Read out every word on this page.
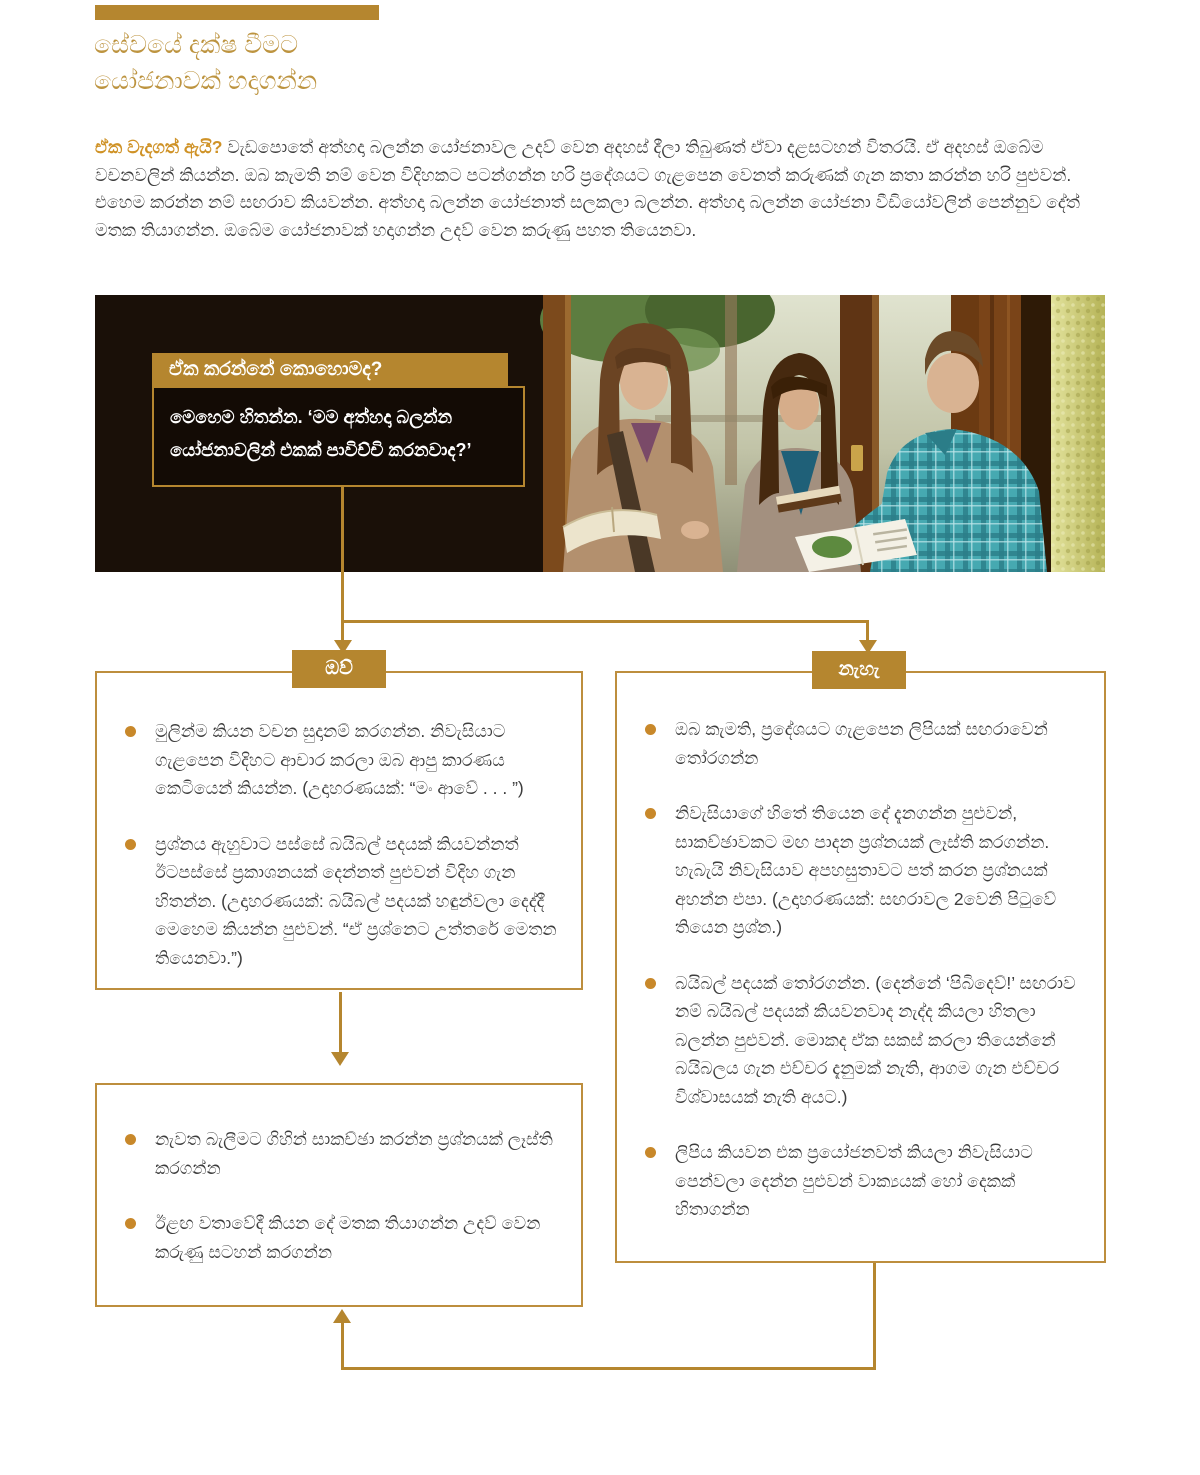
සේවයේ දක්ෂ වීමට
යෝජනාවක් හදාගන්න

ඒක වැදගත් ඇයි? වැඩපොතේ අත්හදා බලන්න යෝජනාවල උදව් වෙන අදහස් දීලා තිබුණත් ඒවා දළසටහන් විතරයි. ඒ අදහස් ඔබේම වචනවලින් කියන්න. ඔබ කැමති නම් වෙන විදිහකට පටන්ගන්න හරි ප්‍රදේශයට ගැළපෙන වෙනත් කරුණක් ගැන කතා කරන්න හරි පුළුවන්. එහෙම කරන්න නම් සඟරාව කියවන්න. අත්හදා බලන්න යෝජනාත් සලකලා බලන්න. අත්හදා බලන්න යෝජනා වීඩියෝවලින් පෙන්නුව දේත් මතක තියාගන්න. ඔබේම යෝජනාවක් හදාගන්න උදව් වෙන කරුණු පහත තියෙනවා.

ඒක කරන්නේ කොහොමද?
මෙහෙම හිතන්න. ‘මම අත්හදා බලන්න යෝජනාවලින් එකක් පාවිච්චි කරනවාද?’
ඔව්	නැහැ
මුලින්ම කියන වචන සුදානම් කරගන්න. නිවැසියාට ගැළපෙන විදිහට ආචාර කරලා ඔබ ආපු කාරණය කෙටියෙන් කියන්න. (උදාහරණයක්: “මං ආවේ . . . ”)
ප්‍රශ්නය ඇහුවාට පස්සේ බයිබල් පදයක් කියවන්නත් ඊටපස්සේ ප්‍රකාශනයක් දෙන්නත් පුළුවන් විදිහ ගැන හිතන්න. (උදාහරණයක්: බයිබල් පදයක් හඳුන්වලා දෙද්දී මෙහෙම කියන්න පුළුවන්. “ඒ ප්‍රශ්නෙට උත්තරේ මෙතන තියෙනවා.”)
ඔබ කැමති, ප්‍රදේශයට ගැළපෙන ලිපියක් සඟරාවෙන් තෝරගන්න
නිවැසියාගේ හිතේ තියෙන දේ දැනගන්න පුළුවන්, සාකච්ඡාවකට මඟ පාදන ප්‍රශ්නයක් ලෑස්ති කරගන්න. හැබැයි නිවැසියාව අපහසුතාවට පත් කරන ප්‍රශ්නයක් අහන්න එපා. (උදාහරණයක්: සඟරාවල 2වෙනි පිටුවේ තියෙන ප්‍රශ්න.)
බයිබල් පදයක් තෝරගන්න. (දෙන්නේ ‘පිබිදෙව්!’ සඟරාව නම් බයිබල් පදයක් කියවනවාද නැද්ද කියලා හිතලා බලන්න පුළුවන්. මොකද ඒක සකස් කරලා තියෙන්නේ බයිබලය ගැන එච්චර දැනුමක් නැති, ආගම ගැන එච්චර විශ්වාසයක් නැති අයට.)
ලිපිය කියවන එක ප්‍රයෝජනවත් කියලා නිවැසියාට පෙන්වලා දෙන්න පුළුවන් වාක්‍යයක් හෝ දෙකක් හිතාගන්න
නැවත බැලීමට ගිහින් සාකච්ඡා කරන්න ප්‍රශ්නයක් ලෑස්ති කරගන්න
ඊළඟ වතාවේදී කියන දේ මතක තියාගන්න උදව් වෙන කරුණු සටහන් කරගන්න
